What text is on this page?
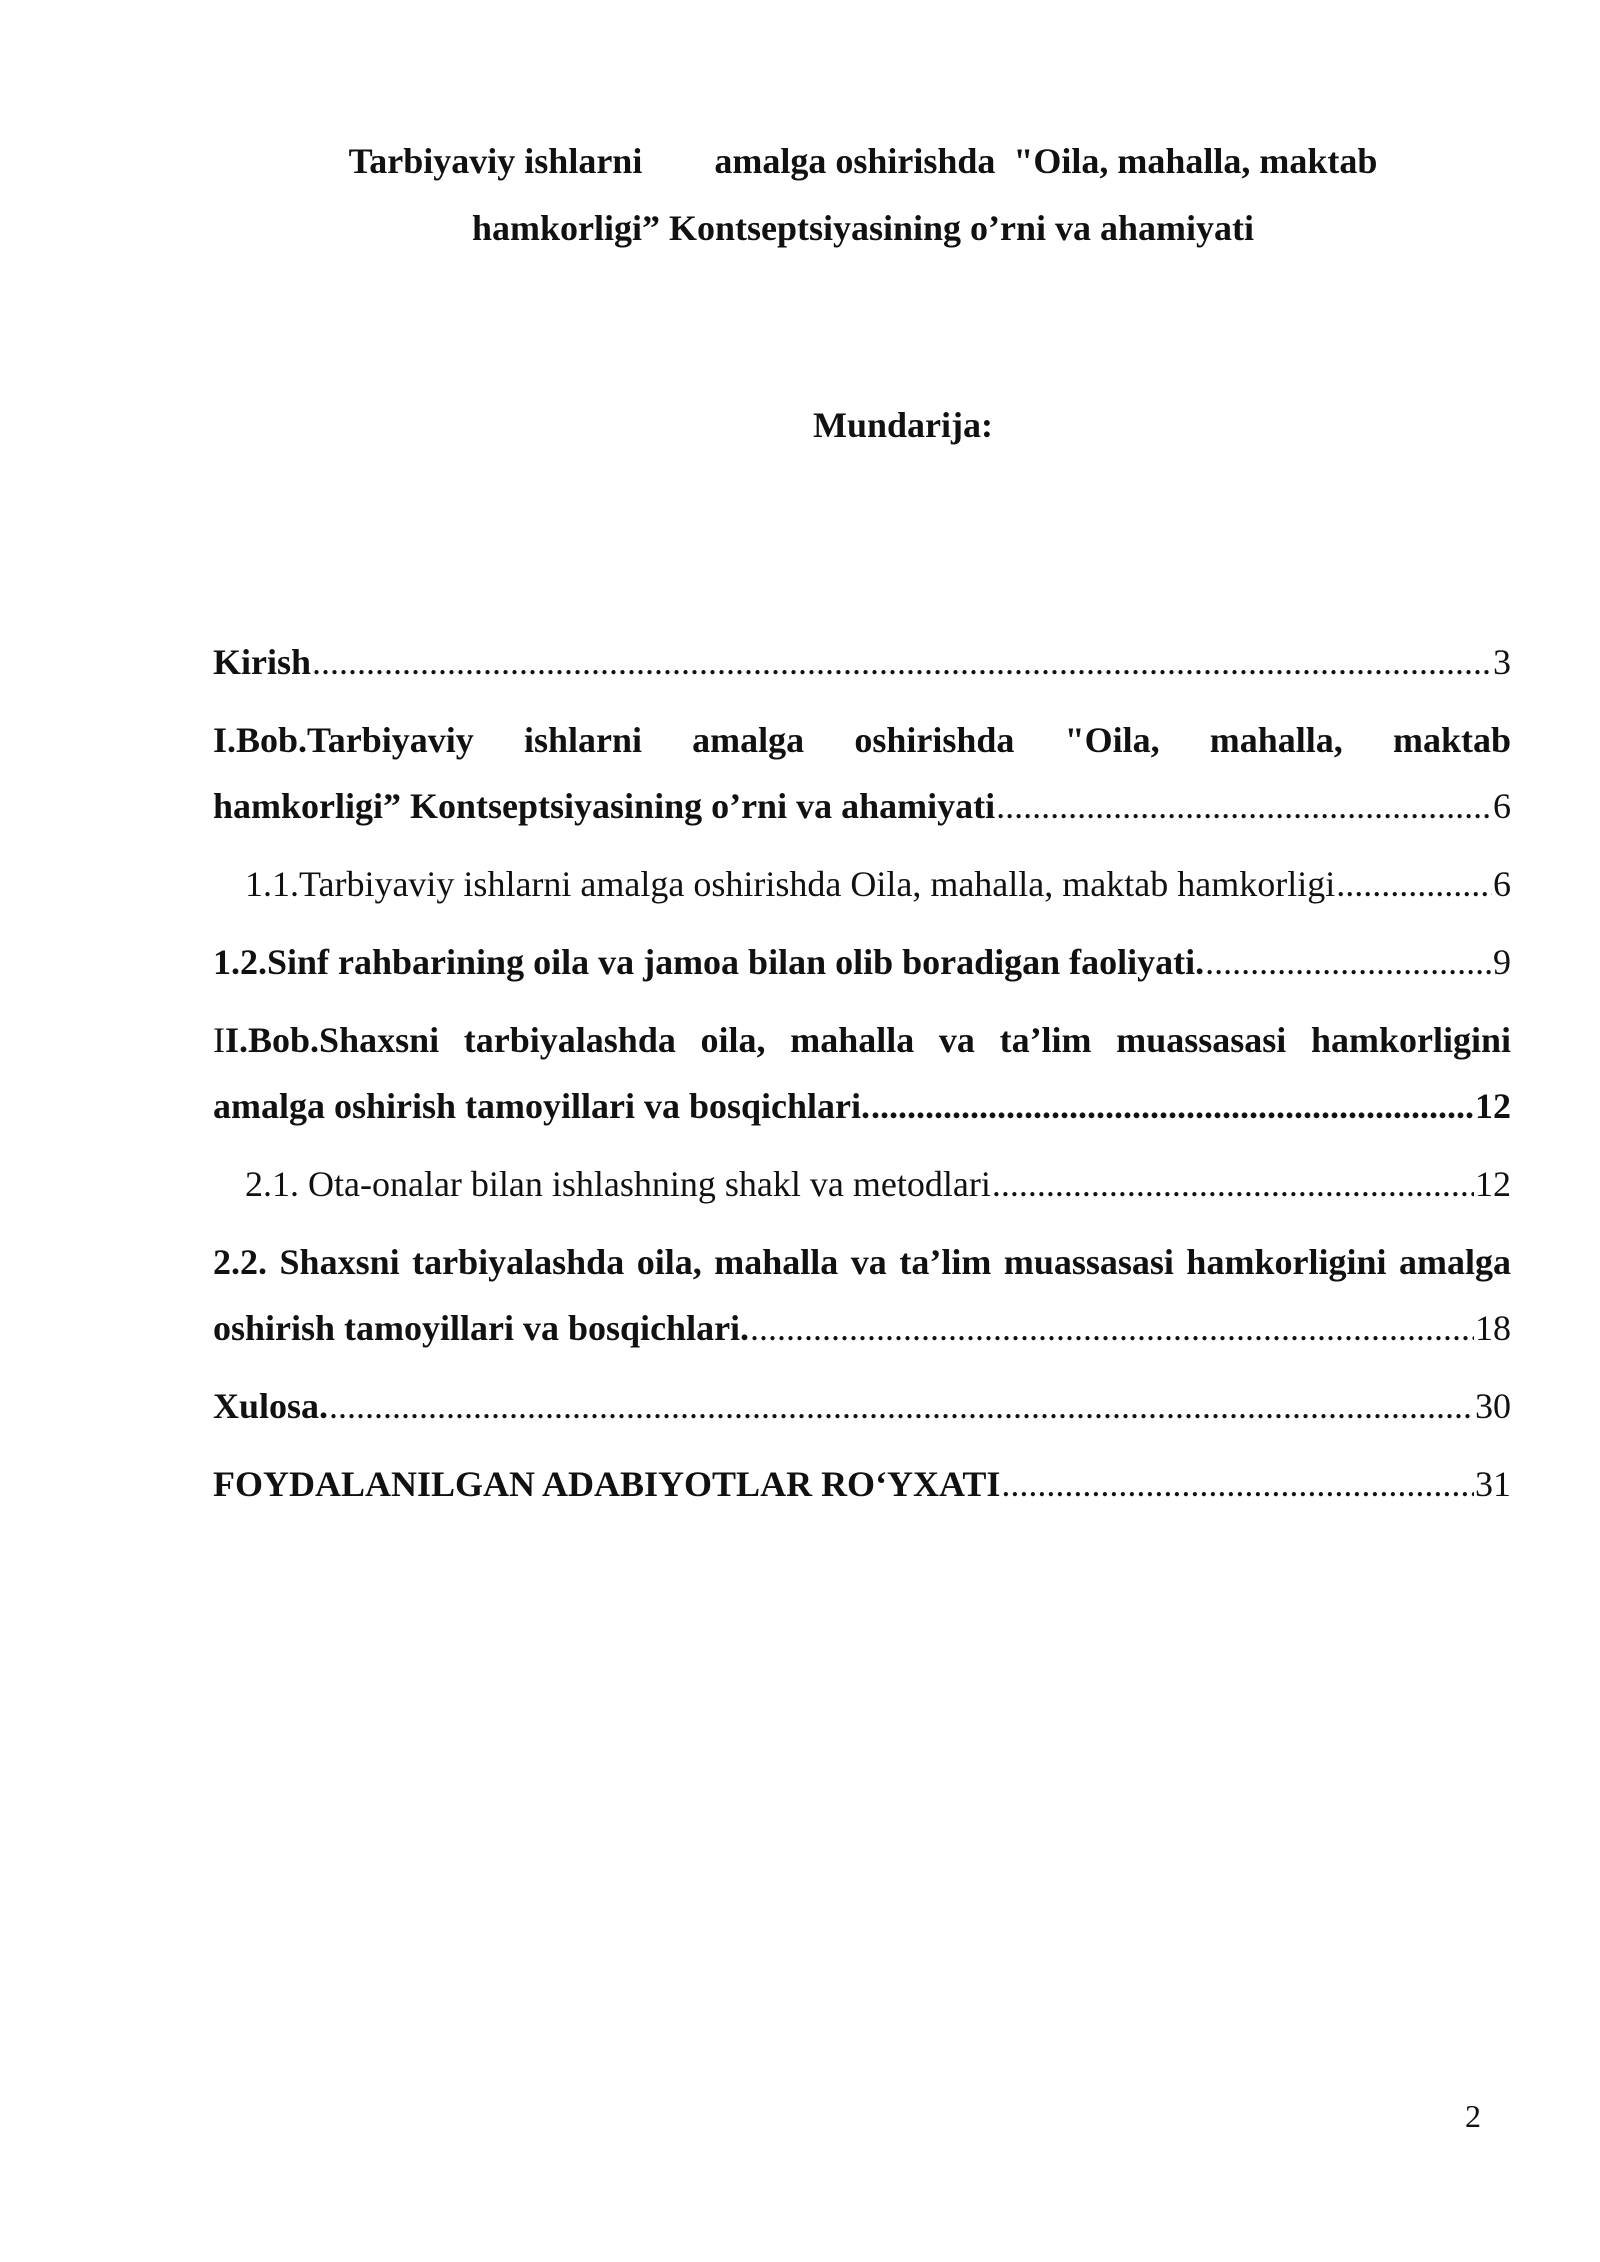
Tarbiyaviy ishlarni        amalga oshirishda  "Oila, mahalla, maktab
hamkorligi” Kontseptsiyasining o’rni va ahamiyati
Mundarija:
Kirish .....	3
I.Bob.Tarbiyaviy ishlarni amalga oshirishda "Oila, mahalla, maktab
hamkorligi” Kontseptsiyasining o’rni va ahamiyati .....	6
1.1.Tarbiyaviy ishlarni amalga oshirishda Oila, mahalla, maktab hamkorligi .....	6
1.2.Sinf rahbarining oila va jamoa bilan olib boradigan faoliyati. .....	9
II.Bob.Shaxsni tarbiyalashda oila, mahalla va ta’lim muassasasi hamkorligini
amalga oshirish tamoyillari va bosqichlari. .....	12
2.1. Ota-onalar bilan ishlashning shakl va metodlari .....	12
2.2. Shaxsni tarbiyalashda oila, mahalla va ta’lim muassasasi hamkorligini amalga
oshirish tamoyillari va bosqichlari. .....	18
Xulosa. .....	30
FOYDALANILGAN ADABIYOTLAR RO‘YXATI .....	31
2
